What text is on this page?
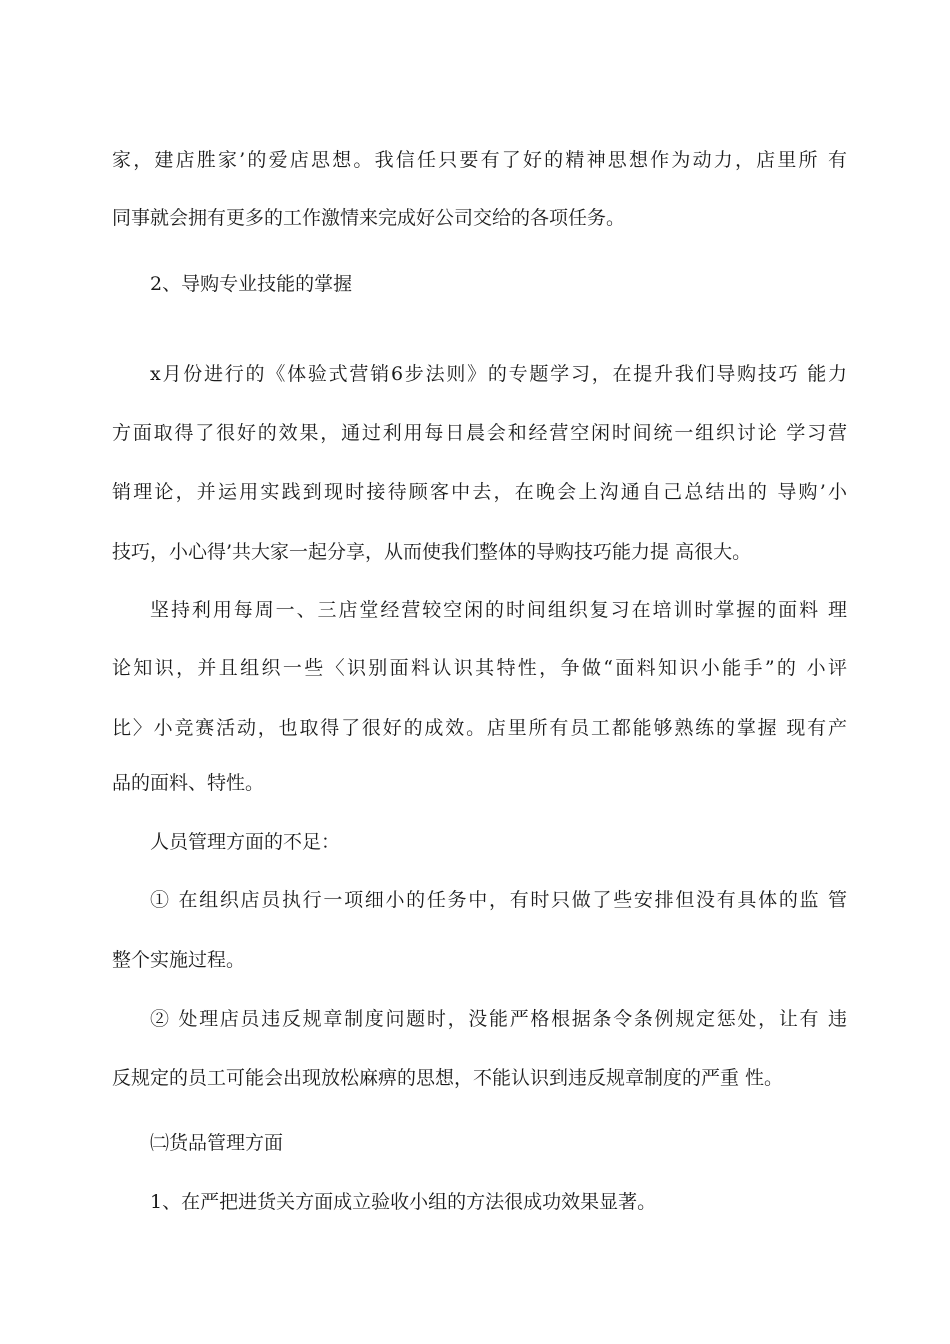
家，建店胜家’的爱店思想。我信任只要有了好的精神思想作为动力，店里所 有
同事就会拥有更多的工作激情来完成好公司交给的各项任务。
2、导购专业技能的掌握
x月份进行的《体验式营销6步法则》的专题学习，在提升我们导购技巧 能力
方面取得了很好的效果，通过利用每日晨会和经营空闲时间统一组织讨论 学习营
销理论，并运用实践到现时接待顾客中去，在晚会上沟通自己总结出的 导购’小
技巧，小心得’共大家一起分享，从而使我们整体的导购技巧能力提 高很大。
坚持利用每周一、三店堂经营较空闲的时间组织复习在培训时掌握的面料 理
论知识，并且组织一些〈识别面料认识其特性，争做“面料知识小能手”的 小评
比〉小竞赛活动，也取得了很好的成效。店里所有员工都能够熟练的掌握 现有产
品的面料、特性。
人员管理方面的不足：
① 在组织店员执行一项细小的任务中，有时只做了些安排但没有具体的监 管
整个实施过程。
② 处理店员违反规章制度问题时，没能严格根据条令条例规定惩处，让有 违
反规定的员工可能会出现放松麻痹的思想，不能认识到违反规章制度的严重 性。
㈡货品管理方面
1、在严把进货关方面成立验收小组的方法很成功效果显著。
